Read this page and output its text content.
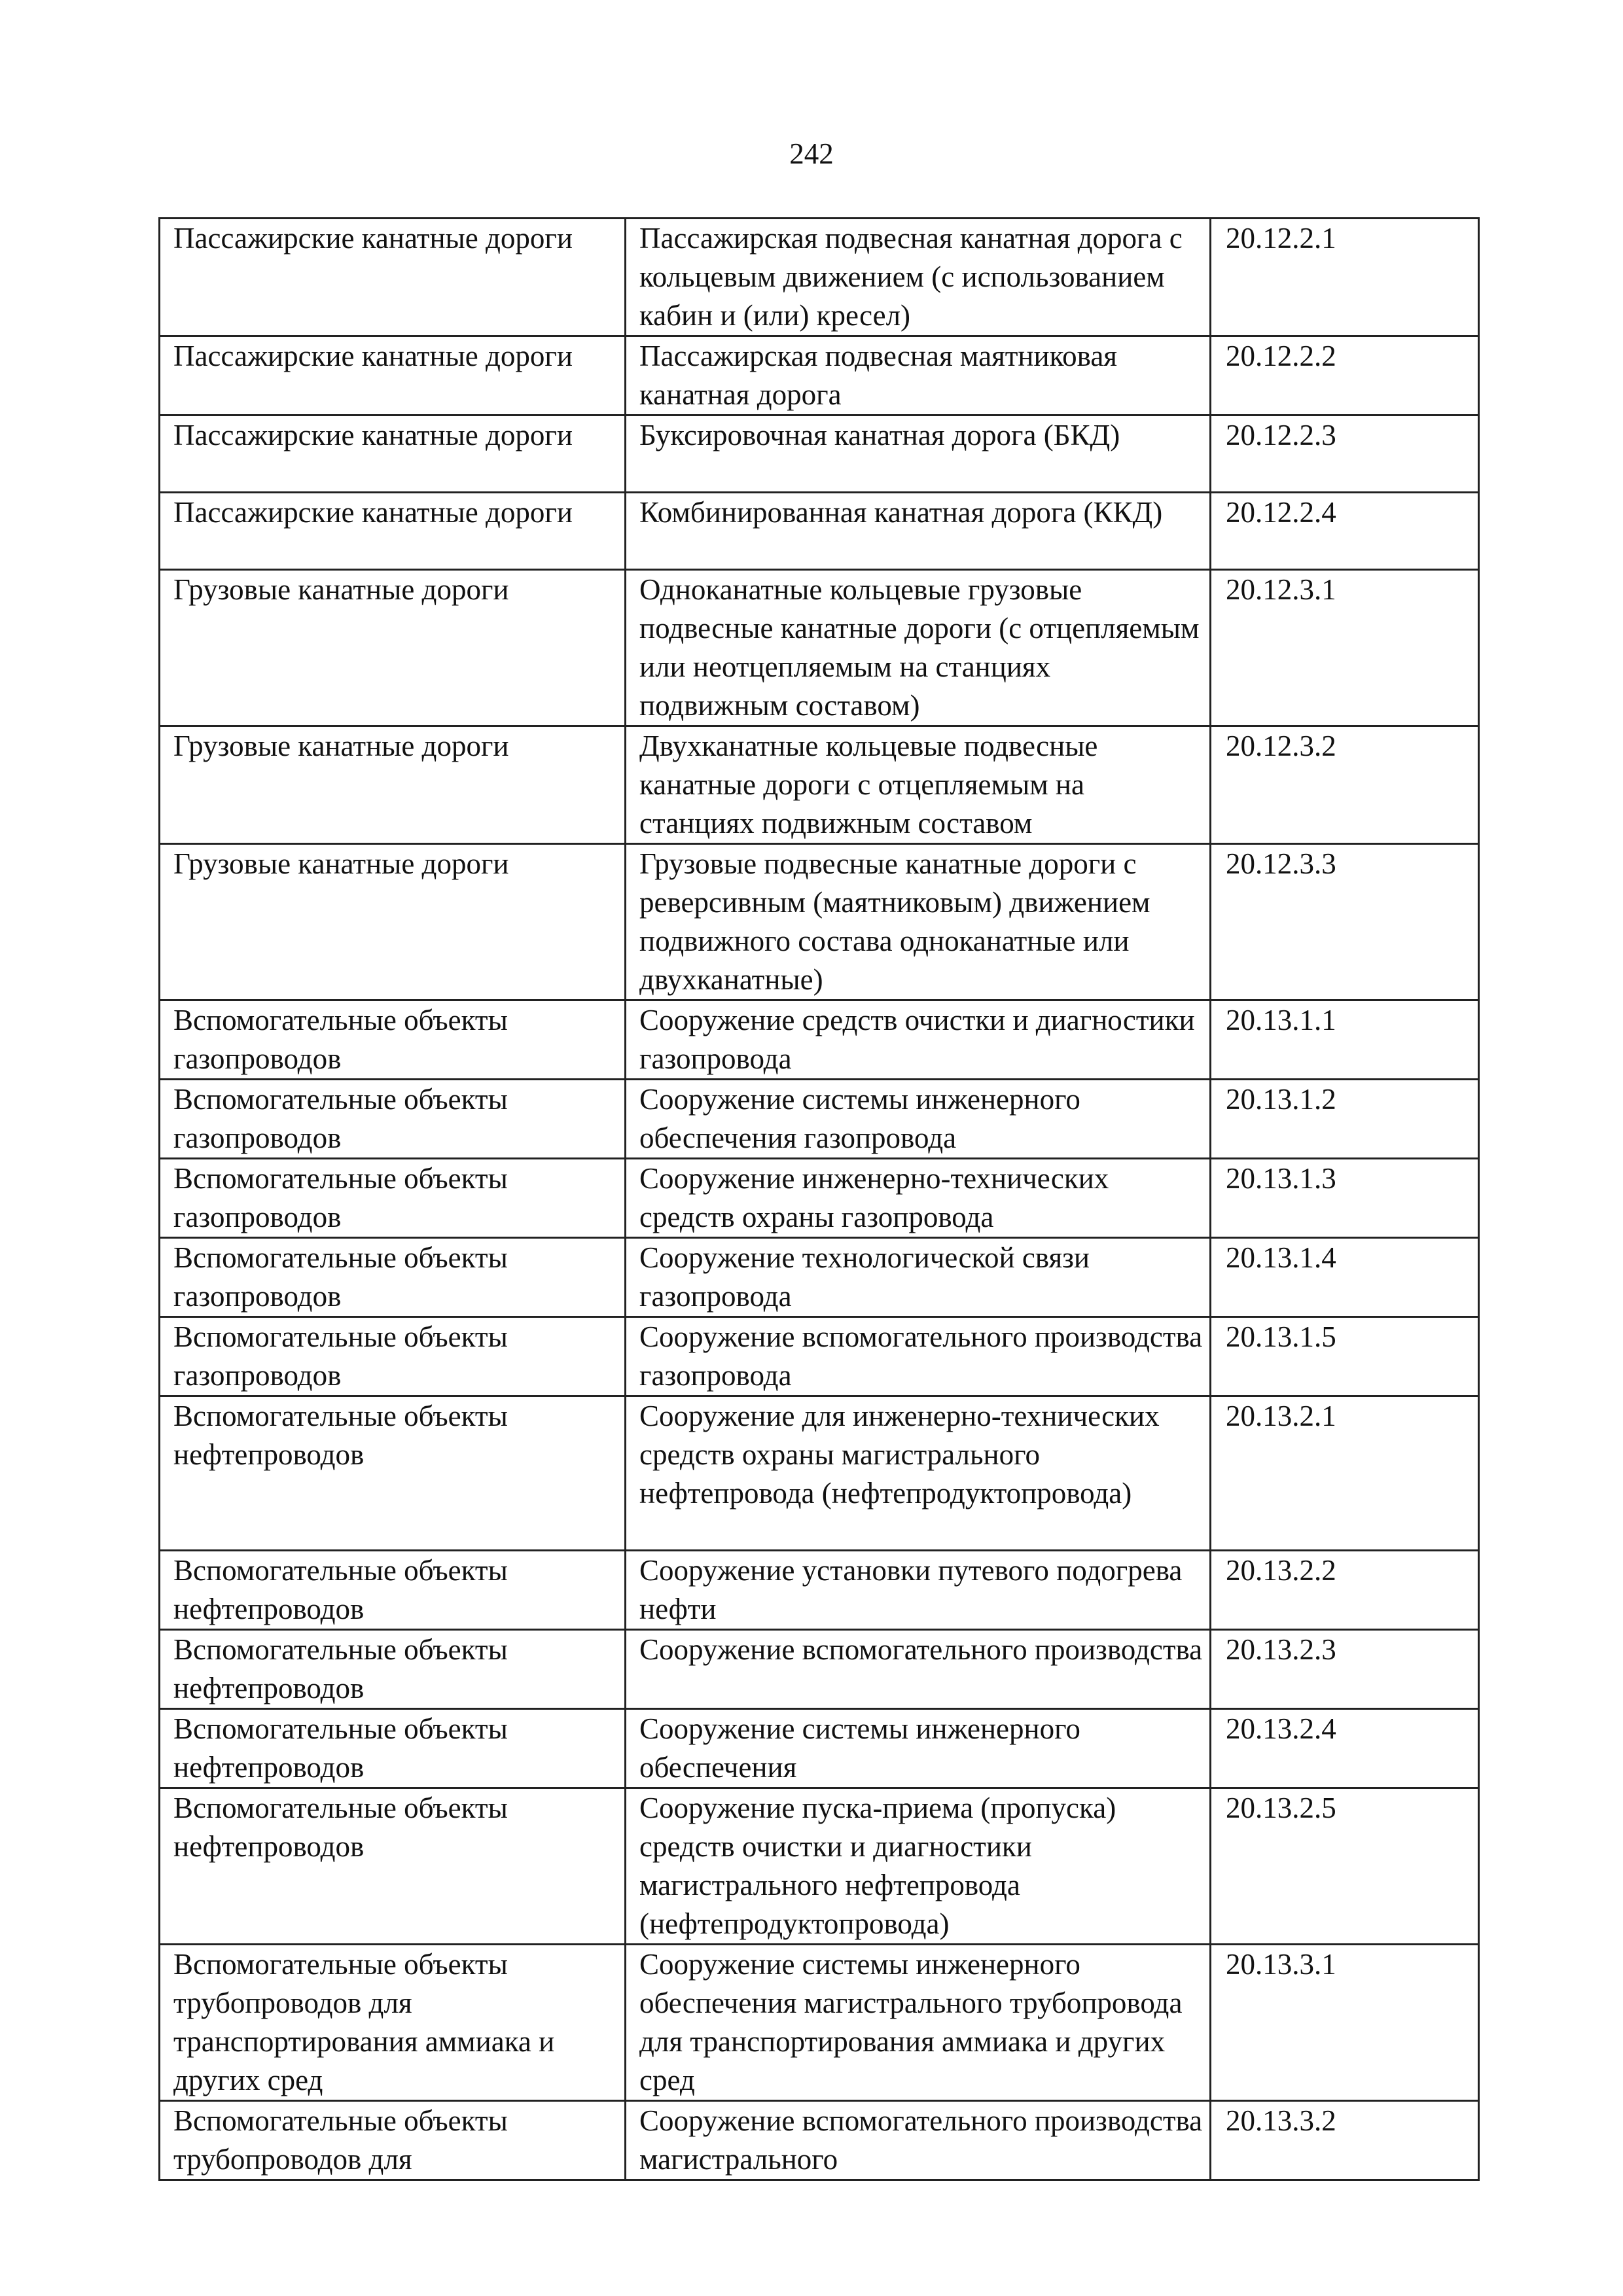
242
Пассажирские канатные дороги	Пассажирская подвесная канатная дорога с кольцевым движением (с использованием кабин и (или) кресел)	20.12.2.1
Пассажирские канатные дороги	Пассажирская подвесная маятниковая канатная дорога	20.12.2.2
Пассажирские канатные дороги	Буксировочная канатная дорога (БКД)	20.12.2.3
Пассажирские канатные дороги	Комбинированная канатная дорога (ККД)	20.12.2.4
Грузовые канатные дороги	Одноканатные кольцевые грузовые подвесные канатные дороги (с отцепляемым или неотцепляемым на станциях подвижным составом)	20.12.3.1
Грузовые канатные дороги	Двухканатные кольцевые подвесные канатные дороги с отцепляемым на станциях подвижным составом	20.12.3.2
Грузовые канатные дороги	Грузовые подвесные канатные дороги с реверсивным (маятниковым) движением подвижного состава одноканатные или двухканатные)	20.12.3.3
Вспомогательные объекты газопроводов	Сооружение средств очистки и диагностики газопровода	20.13.1.1
Вспомогательные объекты газопроводов	Сооружение системы инженерного обеспечения газопровода	20.13.1.2
Вспомогательные объекты газопроводов	Сооружение инженерно-технических средств охраны газопровода	20.13.1.3
Вспомогательные объекты газопроводов	Сооружение технологической связи газопровода	20.13.1.4
Вспомогательные объекты газопроводов	Сооружение вспомогательного производства газопровода	20.13.1.5
Вспомогательные объекты нефтепроводов	Сооружение для инженерно-технических средств охраны магистрального нефтепровода (нефтепродуктопровода)	20.13.2.1
Вспомогательные объекты нефтепроводов	Сооружение установки путевого подогрева нефти	20.13.2.2
Вспомогательные объекты нефтепроводов	Сооружение вспомогательного производства	20.13.2.3
Вспомогательные объекты нефтепроводов	Сооружение системы инженерного обеспечения	20.13.2.4
Вспомогательные объекты нефтепроводов	Сооружение пуска-приема (пропуска) средств очистки и диагностики магистрального нефтепровода (нефтепродуктопровода)	20.13.2.5
Вспомогательные объекты трубопроводов для транспортирования аммиака и других сред	Сооружение системы инженерного обеспечения магистрального трубопровода для транспортирования аммиака и других сред	20.13.3.1
Вспомогательные объекты трубопроводов для	Сооружение вспомогательного производства магистрального	20.13.3.2
